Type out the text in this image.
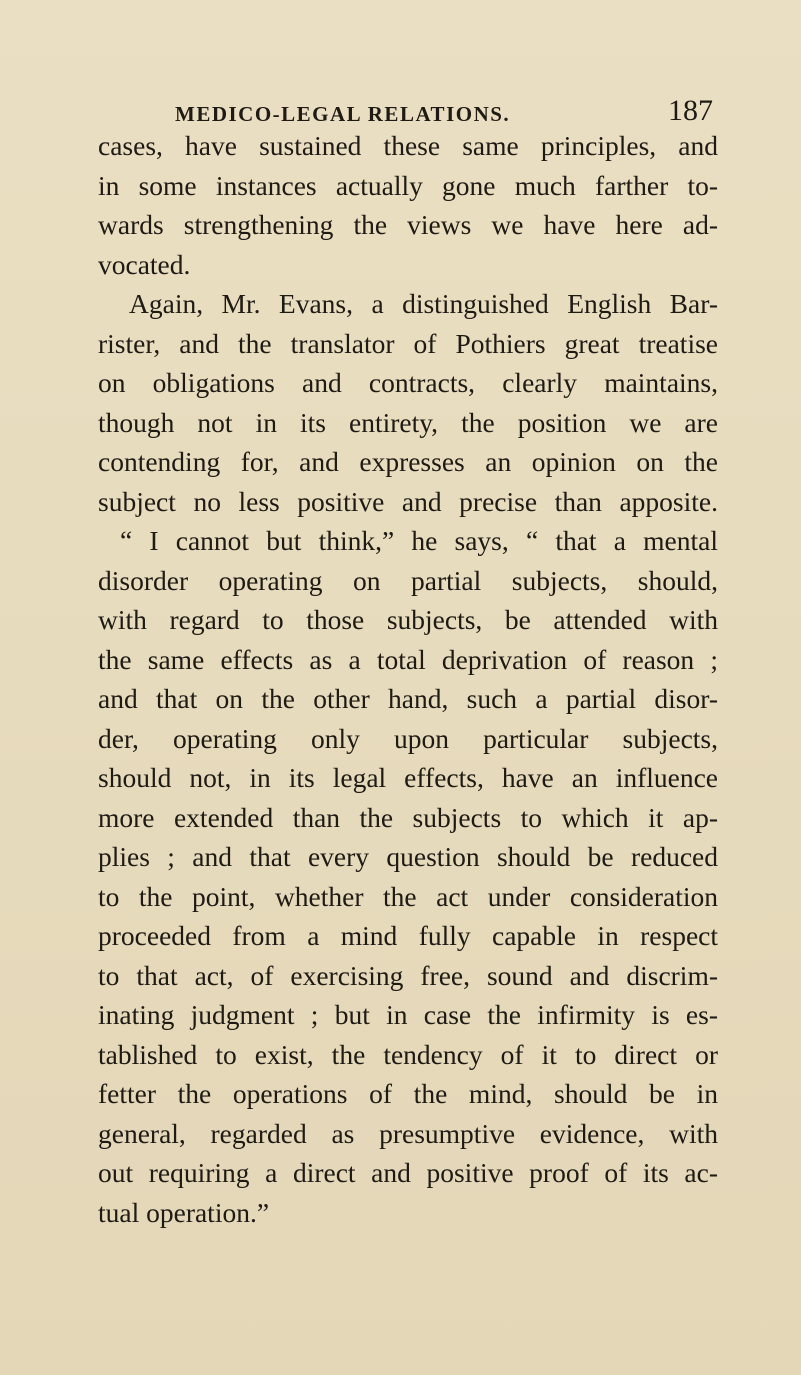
MEDICO-LEGAL RELATIONS.	187
cases, have sustained these same principles, and
in some instances actually gone much farther to-
wards strengthening the views we have here ad-
vocated.
Again, Mr. Evans, a distinguished English Bar-
rister, and the translator of Pothiers great treatise
on obligations and contracts, clearly maintains,
though not in its entirety, the position we are
contending for, and expresses an opinion on the
subject no less positive and precise than apposite.
“ I cannot but think,” he says, “ that a mental
disorder operating on partial subjects, should,
with regard to those subjects, be attended with
the same effects as a total deprivation of reason ;
and that on the other hand, such a partial disor-
der, operating only upon particular subjects,
should not, in its legal effects, have an influence
more extended than the subjects to which it ap-
plies ; and that every question should be reduced
to the point, whether the act under consideration
proceeded from a mind fully capable in respect
to that act, of exercising free, sound and discrim-
inating judgment ; but in case the infirmity is es-
tablished to exist, the tendency of it to direct or
fetter the operations of the mind, should be in
general, regarded as presumptive evidence, with
out requiring a direct and positive proof of its ac-
tual operation.”
